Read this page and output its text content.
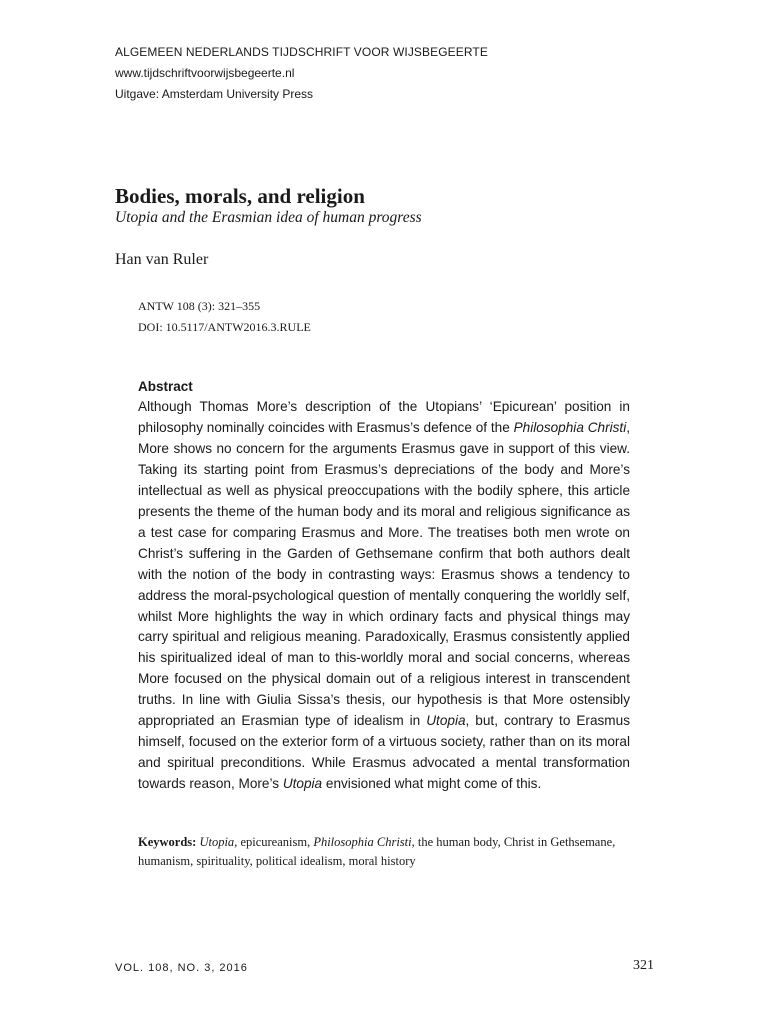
ALGEMEEN NEDERLANDS TIJDSCHRIFT VOOR WIJSBEGEERTE
www.tijdschriftvoorwijsbegeerte.nl
Uitgave: Amsterdam University Press
Bodies, morals, and religion
Utopia and the Erasmian idea of human progress
Han van Ruler
ANTW 108 (3): 321–355
DOI: 10.5117/ANTW2016.3.RULE
Abstract

Although Thomas More’s description of the Utopians’ ‘Epicurean’ position in philosophy nominally coincides with Erasmus’s defence of the Philosophia Christi, More shows no concern for the arguments Erasmus gave in support of this view. Taking its starting point from Erasmus’s depreciations of the body and More’s intellectual as well as physical preoccupations with the bodily sphere, this article presents the theme of the human body and its moral and religious significance as a test case for comparing Erasmus and More. The treatises both men wrote on Christ’s suffering in the Garden of Gethsemane confirm that both authors dealt with the notion of the body in contrasting ways: Erasmus shows a tendency to address the moral-psychological question of mentally conquering the worldly self, whilst More highlights the way in which ordinary facts and physical things may carry spiritual and religious meaning. Paradoxically, Erasmus consistently applied his spiritualized ideal of man to this-worldly moral and social concerns, whereas More focused on the physical domain out of a religious interest in transcendent truths. In line with Giulia Sissa’s thesis, our hypothesis is that More ostensibly appropriated an Erasmian type of idealism in Utopia, but, contrary to Erasmus himself, focused on the exterior form of a virtuous society, rather than on its moral and spiritual preconditions. While Erasmus advocated a mental transformation towards reason, More’s Utopia envisioned what might come of this.

Keywords: Utopia, epicureanism, Philosophia Christi, the human body, Christ in Gethsemane, humanism, spirituality, political idealism, moral history
VOL. 108, NO. 3, 2016	321
